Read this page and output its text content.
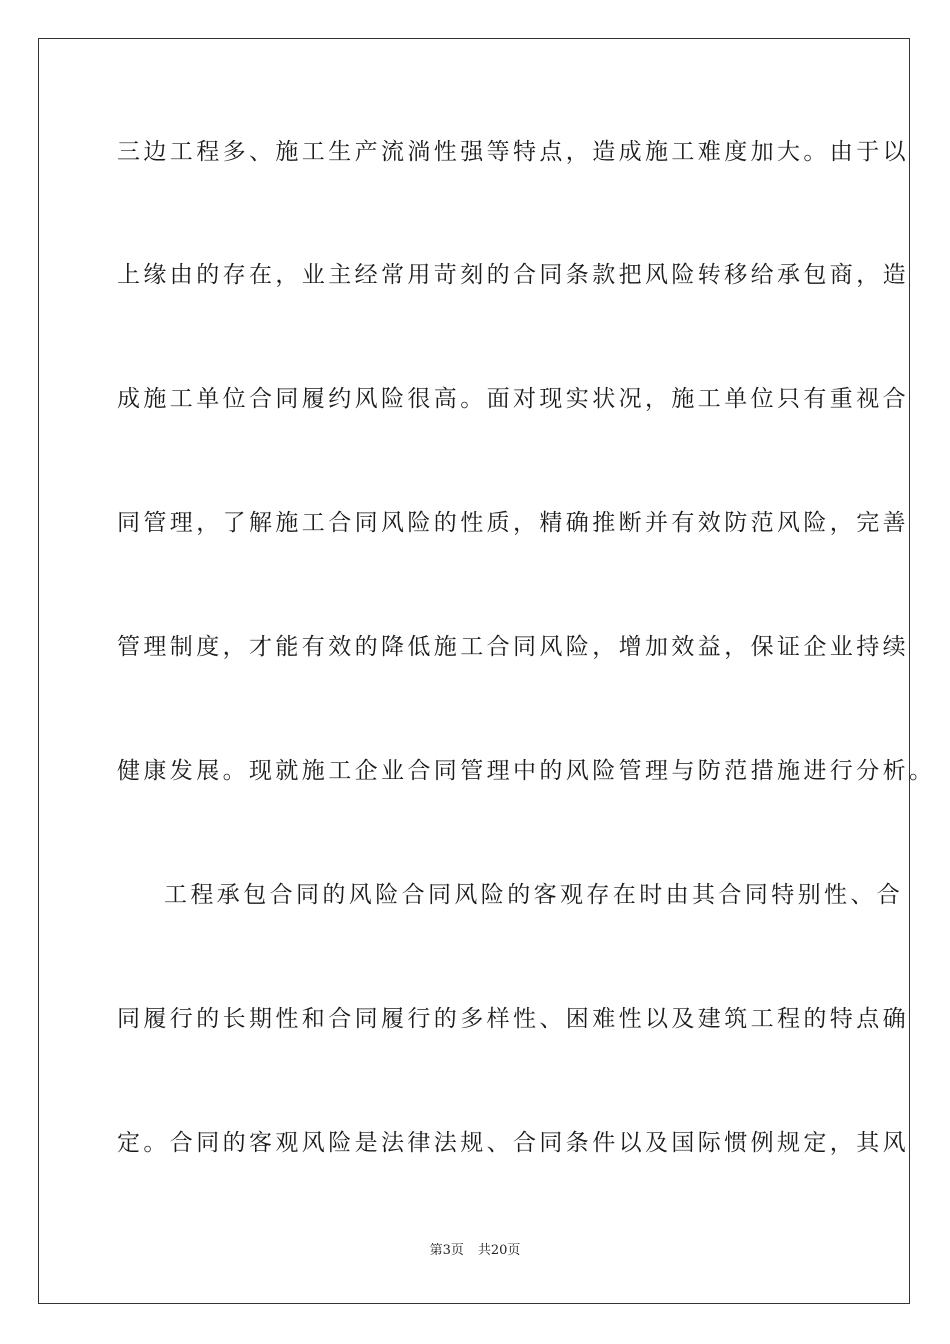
三边工程多、施工生产流淌性强等特点，造成施工难度加大。由于以
上缘由的存在，业主经常用苛刻的合同条款把风险转移给承包商，造
成施工单位合同履约风险很高。面对现实状况，施工单位只有重视合
同管理，了解施工合同风险的性质，精确推断并有效防范风险，完善
管理制度，才能有效的降低施工合同风险，增加效益，保证企业持续
健康发展。现就施工企业合同管理中的风险管理与防范措施进行分析。
工程承包合同的风险合同风险的客观存在时由其合同特别性、合
同履行的长期性和合同履行的多样性、困难性以及建筑工程的特点确
定。合同的客观风险是法律法规、合同条件以及国际惯例规定，其风
第3页 共20页
